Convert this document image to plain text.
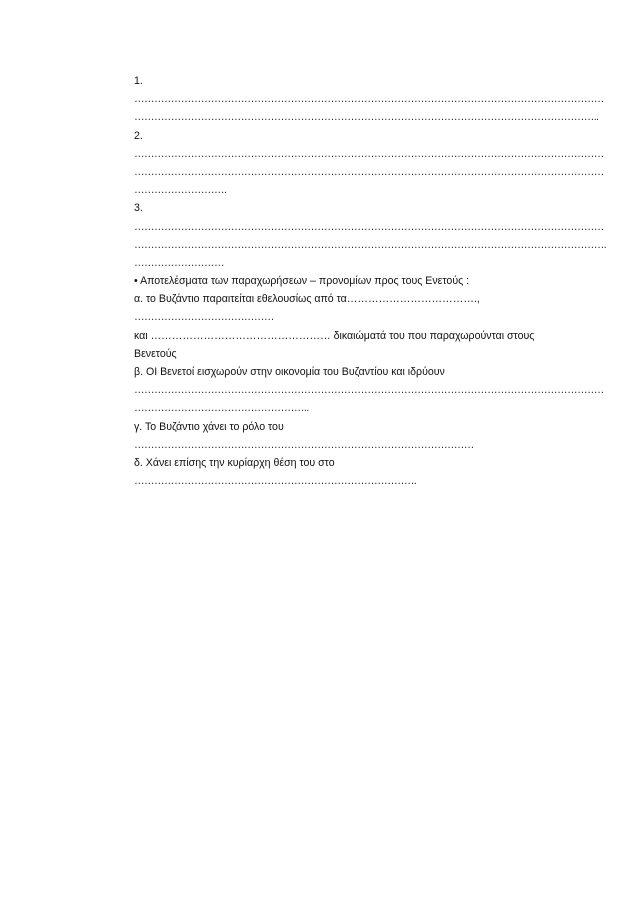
1.
……………………………………………………………………………………………………………………………
…………………………………………………………………………………………………………………………..
2.
……………………………………………………………………………………………………………………………
……………………………………………………………………………………………………………………………
……………………….
3.
……………………………………………………………………………………………………………………………
…………………………………………………………………………………………………………………………….
………………………
• Αποτελέσματα των παραχωρήσεων – προνομίων προς τους Ενετούς :
α. το Βυζάντιο παραιτείται εθελουσίως από τα……………………………….,
……………………………………
και …………………………………………… δικαιώματά του που παραχωρούνται στους
Βενετούς
β. ΟΙ Βενετοί εισχωρούν στην οικονομία του Βυζαντίου και ιδρύουν
……………………………………………………………………………………………………………………………
……………………………………………..
γ. Το Βυζάντιο χάνει το ρόλο του
…………………………………………………………………………………………
δ. Χάνει επίσης την κυρίαρχη θέση του στο
………………………………………………………………………….
